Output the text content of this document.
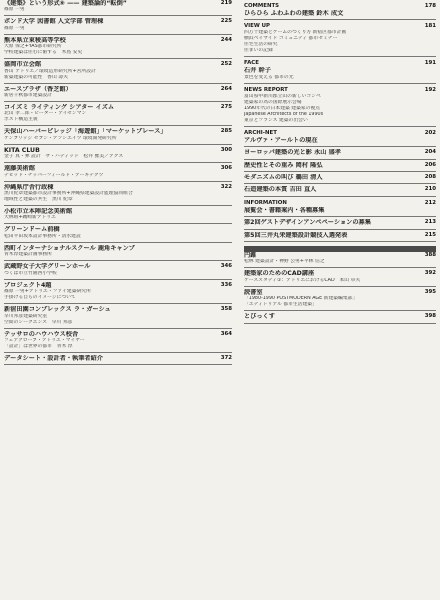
《建築》という形式⑨ —— 建築論的“転倒”
篠原 一男
219
ポンド大学 図書館 人文学部 管理棟
篠原 一男
225
熊本県立東稜高等学校
大原 保之+YAS都市研究所
学校建築は住むに値する　木島 安史
244
盛岡市立会館
香山 アトリエ／環境造形研究所+宮所設計
新築建築の可能性　香山 壽夫
252
エースプラザ（香芝館）
新居千秋都市建築設計
264
コイズミ ライティング シアター イズム
北山 孝二郎・ピーター・アイゼンマン
ポスト構造主義
275
天保山ハーバービレッジ「海遊館」「マーケットプレース」
ケンブリッジ セブン・アソシエイツ 環境開発研究所
285
KITA CLUB
金子 真・弾 設計　ザ・ハディッド　松井 雅美／アクス
300
遠藤美術館
デビッド・チッパーフィールド・アーキテクツ
306
沖縄県庁舎行政棟
黒川紀章建築都市設計事務所+沖縄県建築設計監理協同組合
地域性と建築の共生　黒川 紀章
322
小松市立本陣記念美術館
大林組+磯崎新アトリエ
グリーンドーム前橋
松田平田坂本設計事務所・清水建設
西町インターナショナルスクール 鹿角キャンプ
青木淳建築計画事務所
武蔵野女子大学グリーンホール
つくば市立竹園西小学校
346
プロジェクト4題
篠原 一男+アトリエ・ファイ建築研究所
手掛ける自らのイメージについて
336
新宿田園コンプレックス ラ・ガーシュ
早川邦彦建築研究室
空間のシークエンス　早川 邦彦
358
テッサロのハウハウス校舎
フェアグローブ・アトリエ・マイヤー
「設計」は世界の都市　青木 淳
364
データシート・設計者・執筆者紹介	372
COMMENTS
ひらひら ふわふわの建築 鈴木 成文
178
VIEW UP
四万十建築とゲームのつくり方 新宿区都市計画
横浜ベイサイド コミュニティ 都市セミナー
住宅生活の研究
住まいの記録
181
FACE
石井 幹子
景色を変える 都市の光
191
NEWS REPORT
富山県中新川郡立山の新しいコンペ
建築家の為の国際展示会場
1990年代の日本建築 建築家の視点
Japanese Architects of the 1990s
東京とフランス 建築の出会い
192
ARCHI-NET
アルヴァ・アールトの現在
202
ヨーロッパ建築の光と影 永山 盛孝	204
歴史性とその重み 岡村 隆弘	206
モダニズムの叫び 鵜田 清人	208
石造建築の本質 吉田 直人	210
INFORMATION
展覧会・書籍案内・各種募集
212
第2回ゲストデザインアンペペーションの募集	213
第5回三井丸栄建築設計競技入選発表	215
円錐
松林 建築設計・神野 公男+平林 信之
388
建築家のためのCAD講座
ケーススタディ①：アトリエにおけるCAD　本山 卓夫
392
読書室
「1980-1990 POSTMODERN AGE 新建築編集部」
「エディトリアル 都市生活建築」
395
とびっくす	398
